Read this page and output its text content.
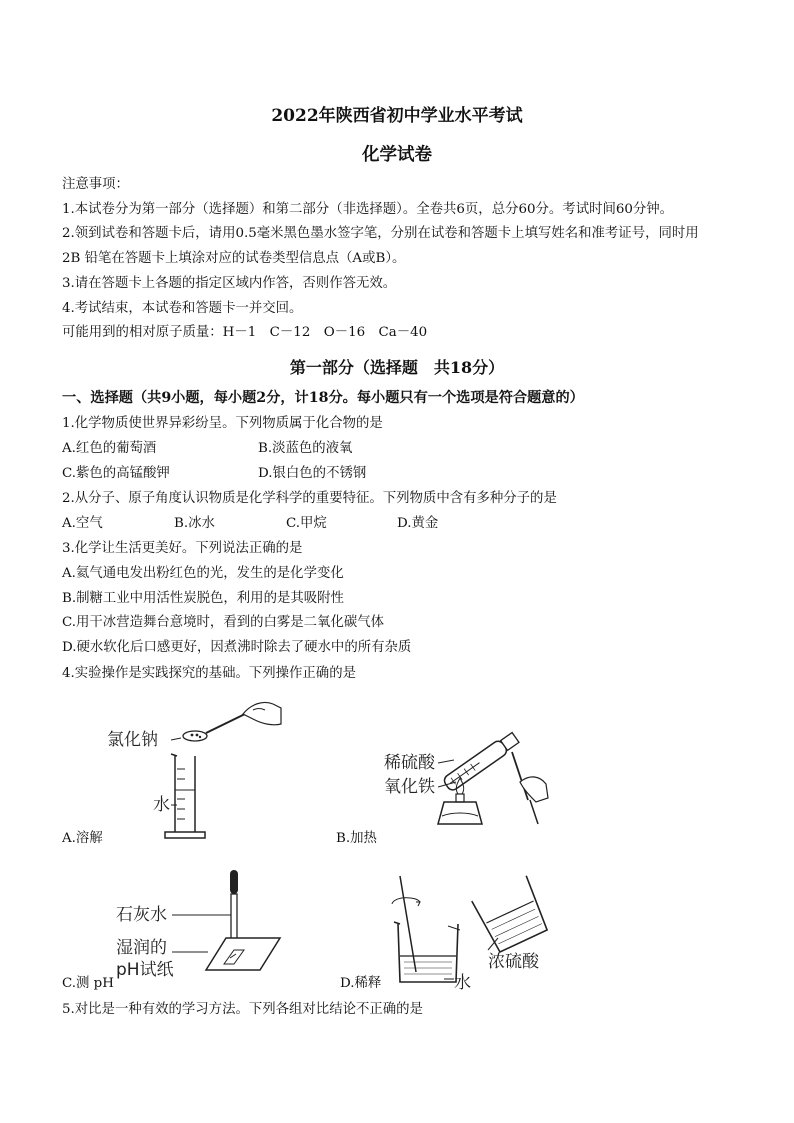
2022年陕西省初中学业水平考试
化学试卷
注意事项：
1.本试卷分为第一部分（选择题）和第二部分（非选择题）。全卷共6页，总分60分。考试时间60分钟。
2.领到试卷和答题卡后，请用0.5毫米黑色墨水签字笔，分别在试卷和答题卡上填写姓名和准考证号，同时用
2B 铅笔在答题卡上填涂对应的试卷类型信息点（A或B）。
3.请在答题卡上各题的指定区域内作答，否则作答无效。
4.考试结束，本试卷和答题卡一并交回。
可能用到的相对原子质量：H－1　C－12　O－16　Ca－40
第一部分（选择题　共18分）
一、选择题（共9小题，每小题2分，计18分。每小题只有一个选项是符合题意的）
1.化学物质使世界异彩纷呈。下列物质属于化合物的是
A.红色的葡萄酒	B.淡蓝色的液氧
C.紫色的高锰酸钾	D.银白色的不锈钢
2.从分子、原子角度认识物质是化学科学的重要特征。下列物质中含有多种分子的是
A.空气	B.冰水	C.甲烷	D.黄金
3.化学让生活更美好。下列说法正确的是
A.氦气通电发出粉红色的光，发生的是化学变化
B.制糖工业中用活性炭脱色，利用的是其吸附性
C.用干冰营造舞台意境时，看到的白雾是二氧化碳气体
D.硬水软化后口感更好，因煮沸时除去了硬水中的所有杂质
4.实验操作是实践探究的基础。下列操作正确的是
氯化钠
水
A.溶解
稀硫酸
氧化铁
B.加热
石灰水
湿润的
pH试纸
C.测 pH
浓硫酸
水
D.稀释
5.对比是一种有效的学习方法。下列各组对比结论不正确的是
